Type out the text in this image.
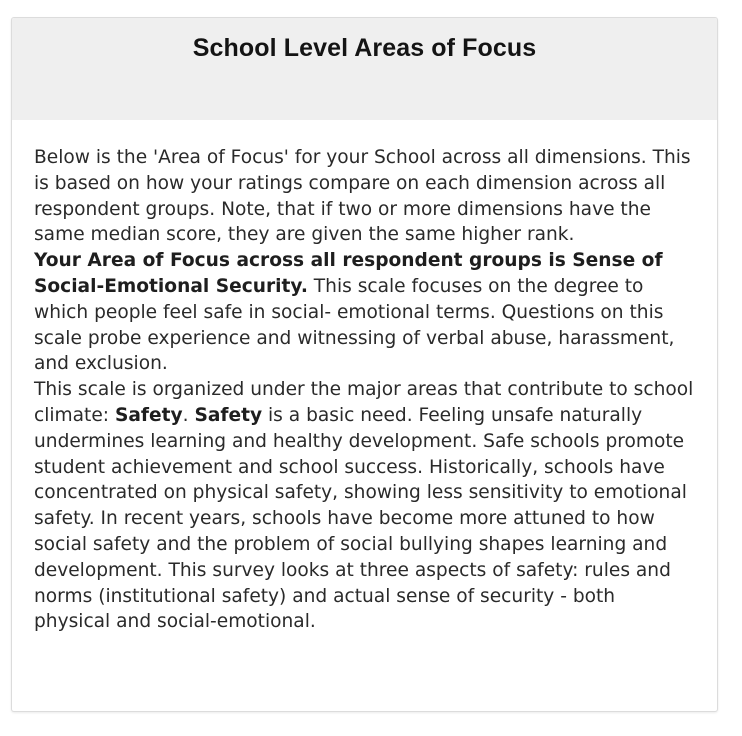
School Level Areas of Focus

Below is the 'Area of Focus' for your School across all dimensions. This is based on how your ratings compare on each dimension across all respondent groups. Note, that if two or more dimensions have the same median score, they are given the same higher rank.

Your Area of Focus across all respondent groups is Sense of Social-Emotional Security. This scale focuses on the degree to which people feel safe in social- emotional terms. Questions on this scale probe experience and witnessing of verbal abuse, harassment, and exclusion.

This scale is organized under the major areas that contribute to school climate: Safety. Safety is a basic need. Feeling unsafe naturally undermines learning and healthy development. Safe schools promote student achievement and school success. Historically, schools have concentrated on physical safety, showing less sensitivity to emotional safety. In recent years, schools have become more attuned to how social safety and the problem of social bullying shapes learning and development. This survey looks at three aspects of safety: rules and norms (institutional safety) and actual sense of security - both physical and social-emotional.
